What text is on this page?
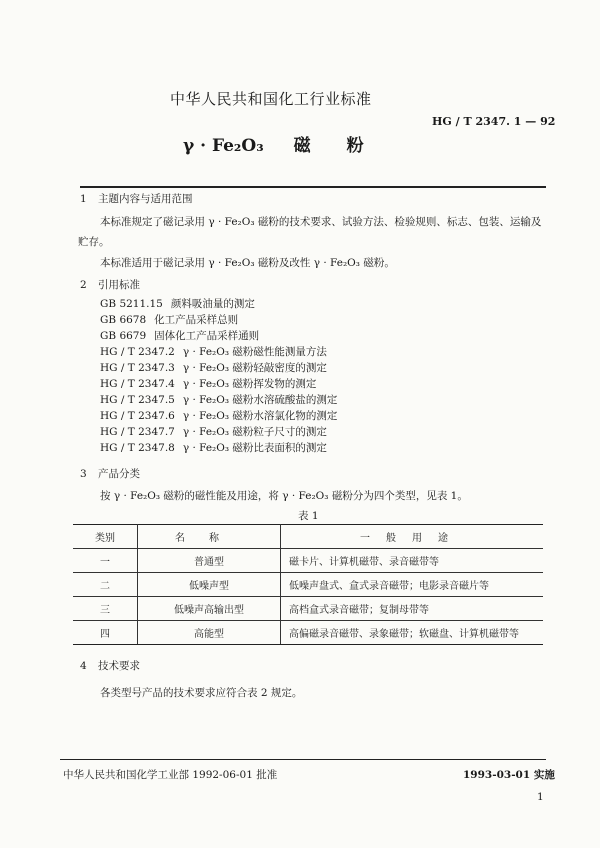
中华人民共和国化工行业标准
HG / T 2347. 1 — 92
γ · Fe₂O₃ 磁粉
1 主题内容与适用范围
本标准规定了磁记录用 γ · Fe₂O₃ 磁粉的技术要求、试验方法、检验规则、标志、包装、运输及
贮存。
本标准适用于磁记录用 γ · Fe₂O₃ 磁粉及改性 γ · Fe₂O₃ 磁粉。
2 引用标准
GB 5211.15 颜料吸油量的测定
GB 6678 化工产品采样总则
GB 6679 固体化工产品采样通则
HG / T 2347.2 γ · Fe₂O₃ 磁粉磁性能测量方法
HG / T 2347.3 γ · Fe₂O₃ 磁粉轻敲密度的测定
HG / T 2347.4 γ · Fe₂O₃ 磁粉挥发物的测定
HG / T 2347.5 γ · Fe₂O₃ 磁粉水溶硫酸盐的测定
HG / T 2347.6 γ · Fe₂O₃ 磁粉水溶氯化物的测定
HG / T 2347.7 γ · Fe₂O₃ 磁粉粒子尺寸的测定
HG / T 2347.8 γ · Fe₂O₃ 磁粉比表面积的测定
3 产品分类
按 γ · Fe₂O₃ 磁粉的磁性能及用途，将 γ · Fe₂O₃ 磁粉分为四个类型，见表 1。
表 1
类别	名称	一般用途
一	普通型	磁卡片、计算机磁带、录音磁带等
二	低噪声型	低噪声盘式、盒式录音磁带；电影录音磁片等
三	低噪声高输出型	高档盒式录音磁带；复制母带等
四	高能型	高偏磁录音磁带、录象磁带；软磁盘、计算机磁带等
4 技术要求
各类型号产品的技术要求应符合表 2 规定。
中华人民共和国化学工业部 1992-06-01 批准	1993-03-01 实施
1
